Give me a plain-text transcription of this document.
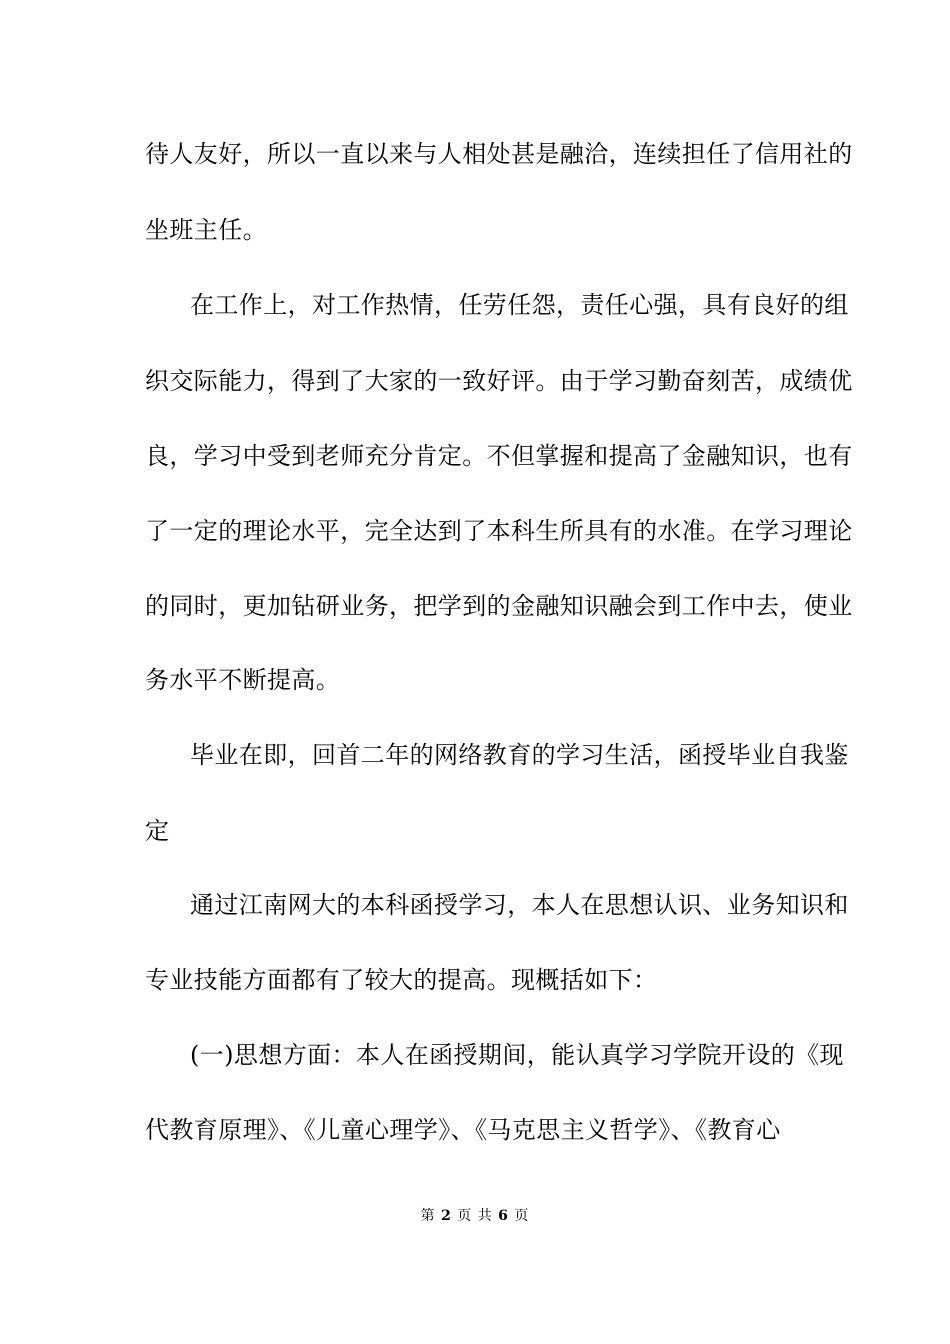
待人友好，所以一直以来与人相处甚是融洽，连续担任了信用社的
坐班主任。
在工作上，对工作热情，任劳任怨，责任心强，具有良好的组
织交际能力，得到了大家的一致好评。由于学习勤奋刻苦，成绩优
良，学习中受到老师充分肯定。不但掌握和提高了金融知识，也有
了一定的理论水平，完全达到了本科生所具有的水准。在学习理论
的同时，更加钻研业务，把学到的金融知识融会到工作中去，使业
务水平不断提高。
毕业在即，回首二年的网络教育的学习生活，函授毕业自我鉴
定
通过江南网大的本科函授学习，本人在思想认识、业务知识和
专业技能方面都有了较大的提高。现概括如下：
(一)思想方面：本人在函授期间，能认真学习学院开设的《现
代教育原理》、《儿童心理学》、《马克思主义哲学》、《教育心
第 2 页 共 6 页
